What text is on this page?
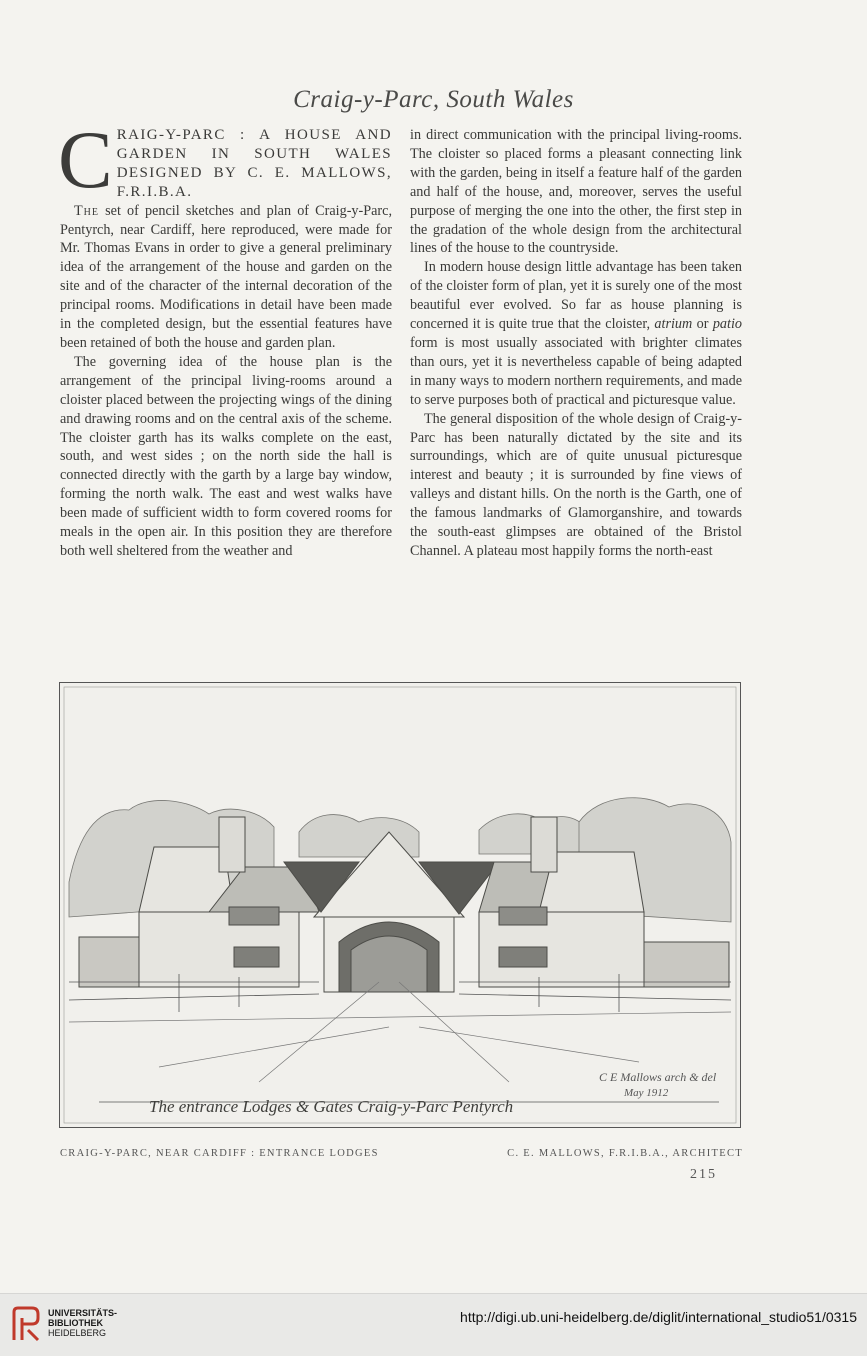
Craig-y-Parc, South Wales

CRAIG-Y-PARC : A HOUSE AND GARDEN IN SOUTH WALES DESIGNED BY C. E. MALLOWS, F.R.I.B.A.

The set of pencil sketches and plan of Craig-y-Parc, Pentyrch, near Cardiff, here reproduced, were made for Mr. Thomas Evans in order to give a general preliminary idea of the arrangement of the house and garden on the site and of the character of the internal decoration of the principal rooms. Modifications in detail have been made in the completed design, but the essential features have been retained of both the house and garden plan.

The governing idea of the house plan is the arrangement of the principal living-rooms around a cloister placed between the projecting wings of the dining and drawing rooms and on the central axis of the scheme. The cloister garth has its walks complete on the east, south, and west sides ; on the north side the hall is connected directly with the garth by a large bay window, forming the north walk. The east and west walks have been made of sufficient width to form covered rooms for meals in the open air. In this position they are therefore both well sheltered from the weather and

in direct communication with the principal living-rooms. The cloister so placed forms a pleasant connecting link with the garden, being in itself a feature half of the garden and half of the house, and, moreover, serves the useful purpose of merging the one into the other, the first step in the gradation of the whole design from the architectural lines of the house to the countryside.

In modern house design little advantage has been taken of the cloister form of plan, yet it is surely one of the most beautiful ever evolved. So far as house planning is concerned it is quite true that the cloister, atrium or patio form is most usually associated with brighter climates than ours, yet it is nevertheless capable of being adapted in many ways to modern northern requirements, and made to serve purposes both of practical and picturesque value.

The general disposition of the whole design of Craig-y-Parc has been naturally dictated by the site and its surroundings, which are of quite unusual picturesque interest and beauty ; it is surrounded by fine views of valleys and distant hills. On the north is the Garth, one of the famous landmarks of Glamorganshire, and towards the south-east glimpses are obtained of the Bristol Channel. A plateau most happily forms the north-east

The entrance Lodges & Gates Craig-y-Parc Pentyrch
C E Mallows arch & del
May 1912
CRAIG-Y-PARC, NEAR CARDIFF : ENTRANCE LODGES	C. E. MALLOWS, F.R.I.B.A., ARCHITECT
215
UNIVERSITÄTS-
BIBLIOTHEK
HEIDELBERG
http://digi.ub.uni-heidelberg.de/diglit/international_studio51/0315
